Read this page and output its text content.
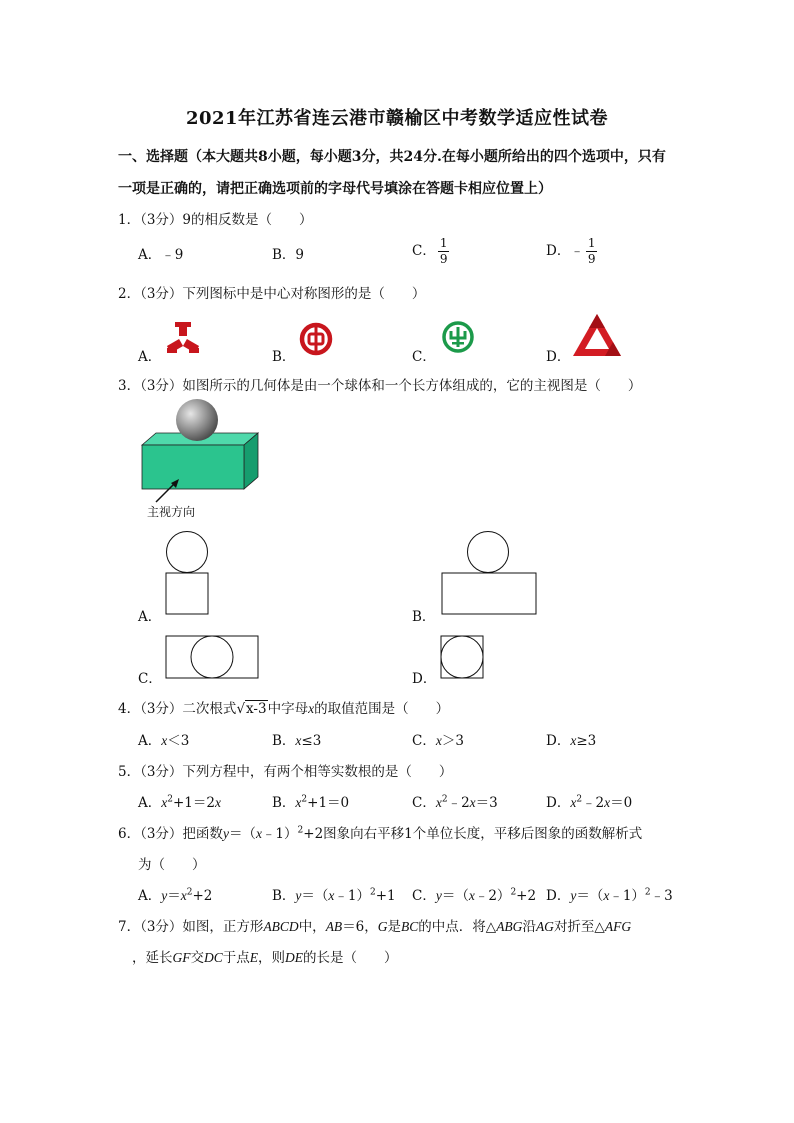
2021年江苏省连云港市赣榆区中考数学适应性试卷
一、选择题（本大题共8小题，每小题3分，共24分.在每小题所给出的四个选项中，只有
一项是正确的，请把正确选项前的字母代号填涂在答题卡相应位置上）
1．（3分）9的相反数是（　　）
A．﹣9	B．9	C． $\frac{1}{9}$	D．﹣ $\frac{1}{9}$
2．（3分）下列图标中是中心对称图形的是（　　）
A．	B．	C．	D．
3．（3分）如图所示的几何体是由一个球体和一个长方体组成的，它的主视图是（　　）
主视方向
A．	B．
C．	D．
4．（3分）二次根式√x-3中字母x的取值范围是（　　）
A．x＜3	B．x≤3	C．x＞3	D．x≥3
5．（3分）下列方程中，有两个相等实数根的是（　　）
A．$x^2+1=2x$	B．$x^2+1=0$	C．$x^2﹣2x=3$	D．$x^2﹣2x=0$
6．（3分）把函数y＝（x﹣1）$^2$+2图象向右平移1个单位长度，平移后图象的函数解析式
为（　　）
A．$y=x^2+2$	B．y＝（x﹣1）$^2$+1 C．y＝（x﹣2）$^2$+2 D．y＝（x﹣1）$^2$﹣3
7．（3分）如图，正方形ABCD中，AB＝6，G是BC的中点．将△ABG沿AG对折至△AFG
，延长GF交DC于点E，则DE的长是（　　）
